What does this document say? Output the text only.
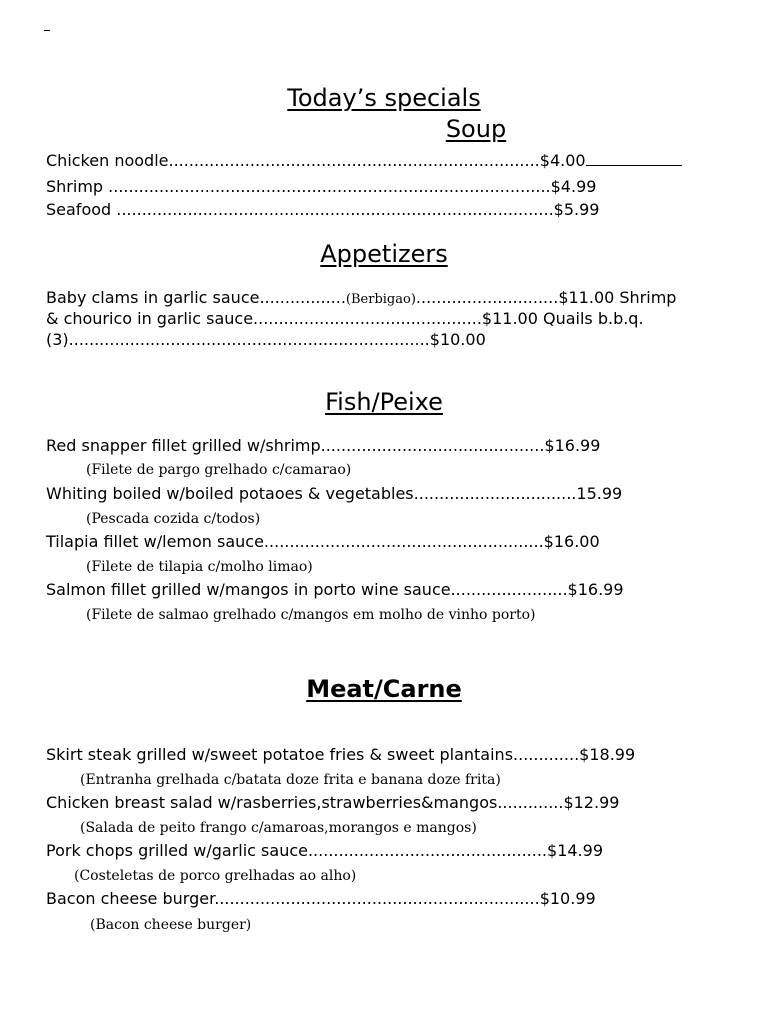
Today’s specials
Soup
Chicken noodle.........................................................................$4.00
Shrimp .......................................................................................$4.99
Seafood ......................................................................................$5.99
Appetizers
Baby clams in garlic sauce.................(Berbigao)............................$11.00 Shrimp
& chourico in garlic sauce.............................................$11.00 Quails b.b.q.
(3).......................................................................$10.00
Fish/Peixe
Red snapper fillet grilled w/shrimp............................................$16.99
(Filete de pargo grelhado c/camarao)
Whiting boiled w/boiled potaoes & vegetables................................15.99
(Pescada cozida c/todos)
Tilapia fillet w/lemon sauce.......................................................$16.00
(Filete de tilapia c/molho limao)
Salmon fillet grilled w/mangos in porto wine sauce.......................$16.99
(Filete de salmao grelhado c/mangos em molho de vinho porto)
Meat/Carne
Skirt steak grilled w/sweet potatoe fries & sweet plantains.............$18.99
(Entranha grelhada c/batata doze frita e banana doze frita)
Chicken breast salad w/rasberries,strawberries&mangos.............$12.99
(Salada de peito frango c/amaroas,morangos e mangos)
Pork chops grilled w/garlic sauce...............................................$14.99
(Costeletas de porco grelhadas ao alho)
Bacon cheese burger................................................................$10.99
(Bacon cheese burger)
